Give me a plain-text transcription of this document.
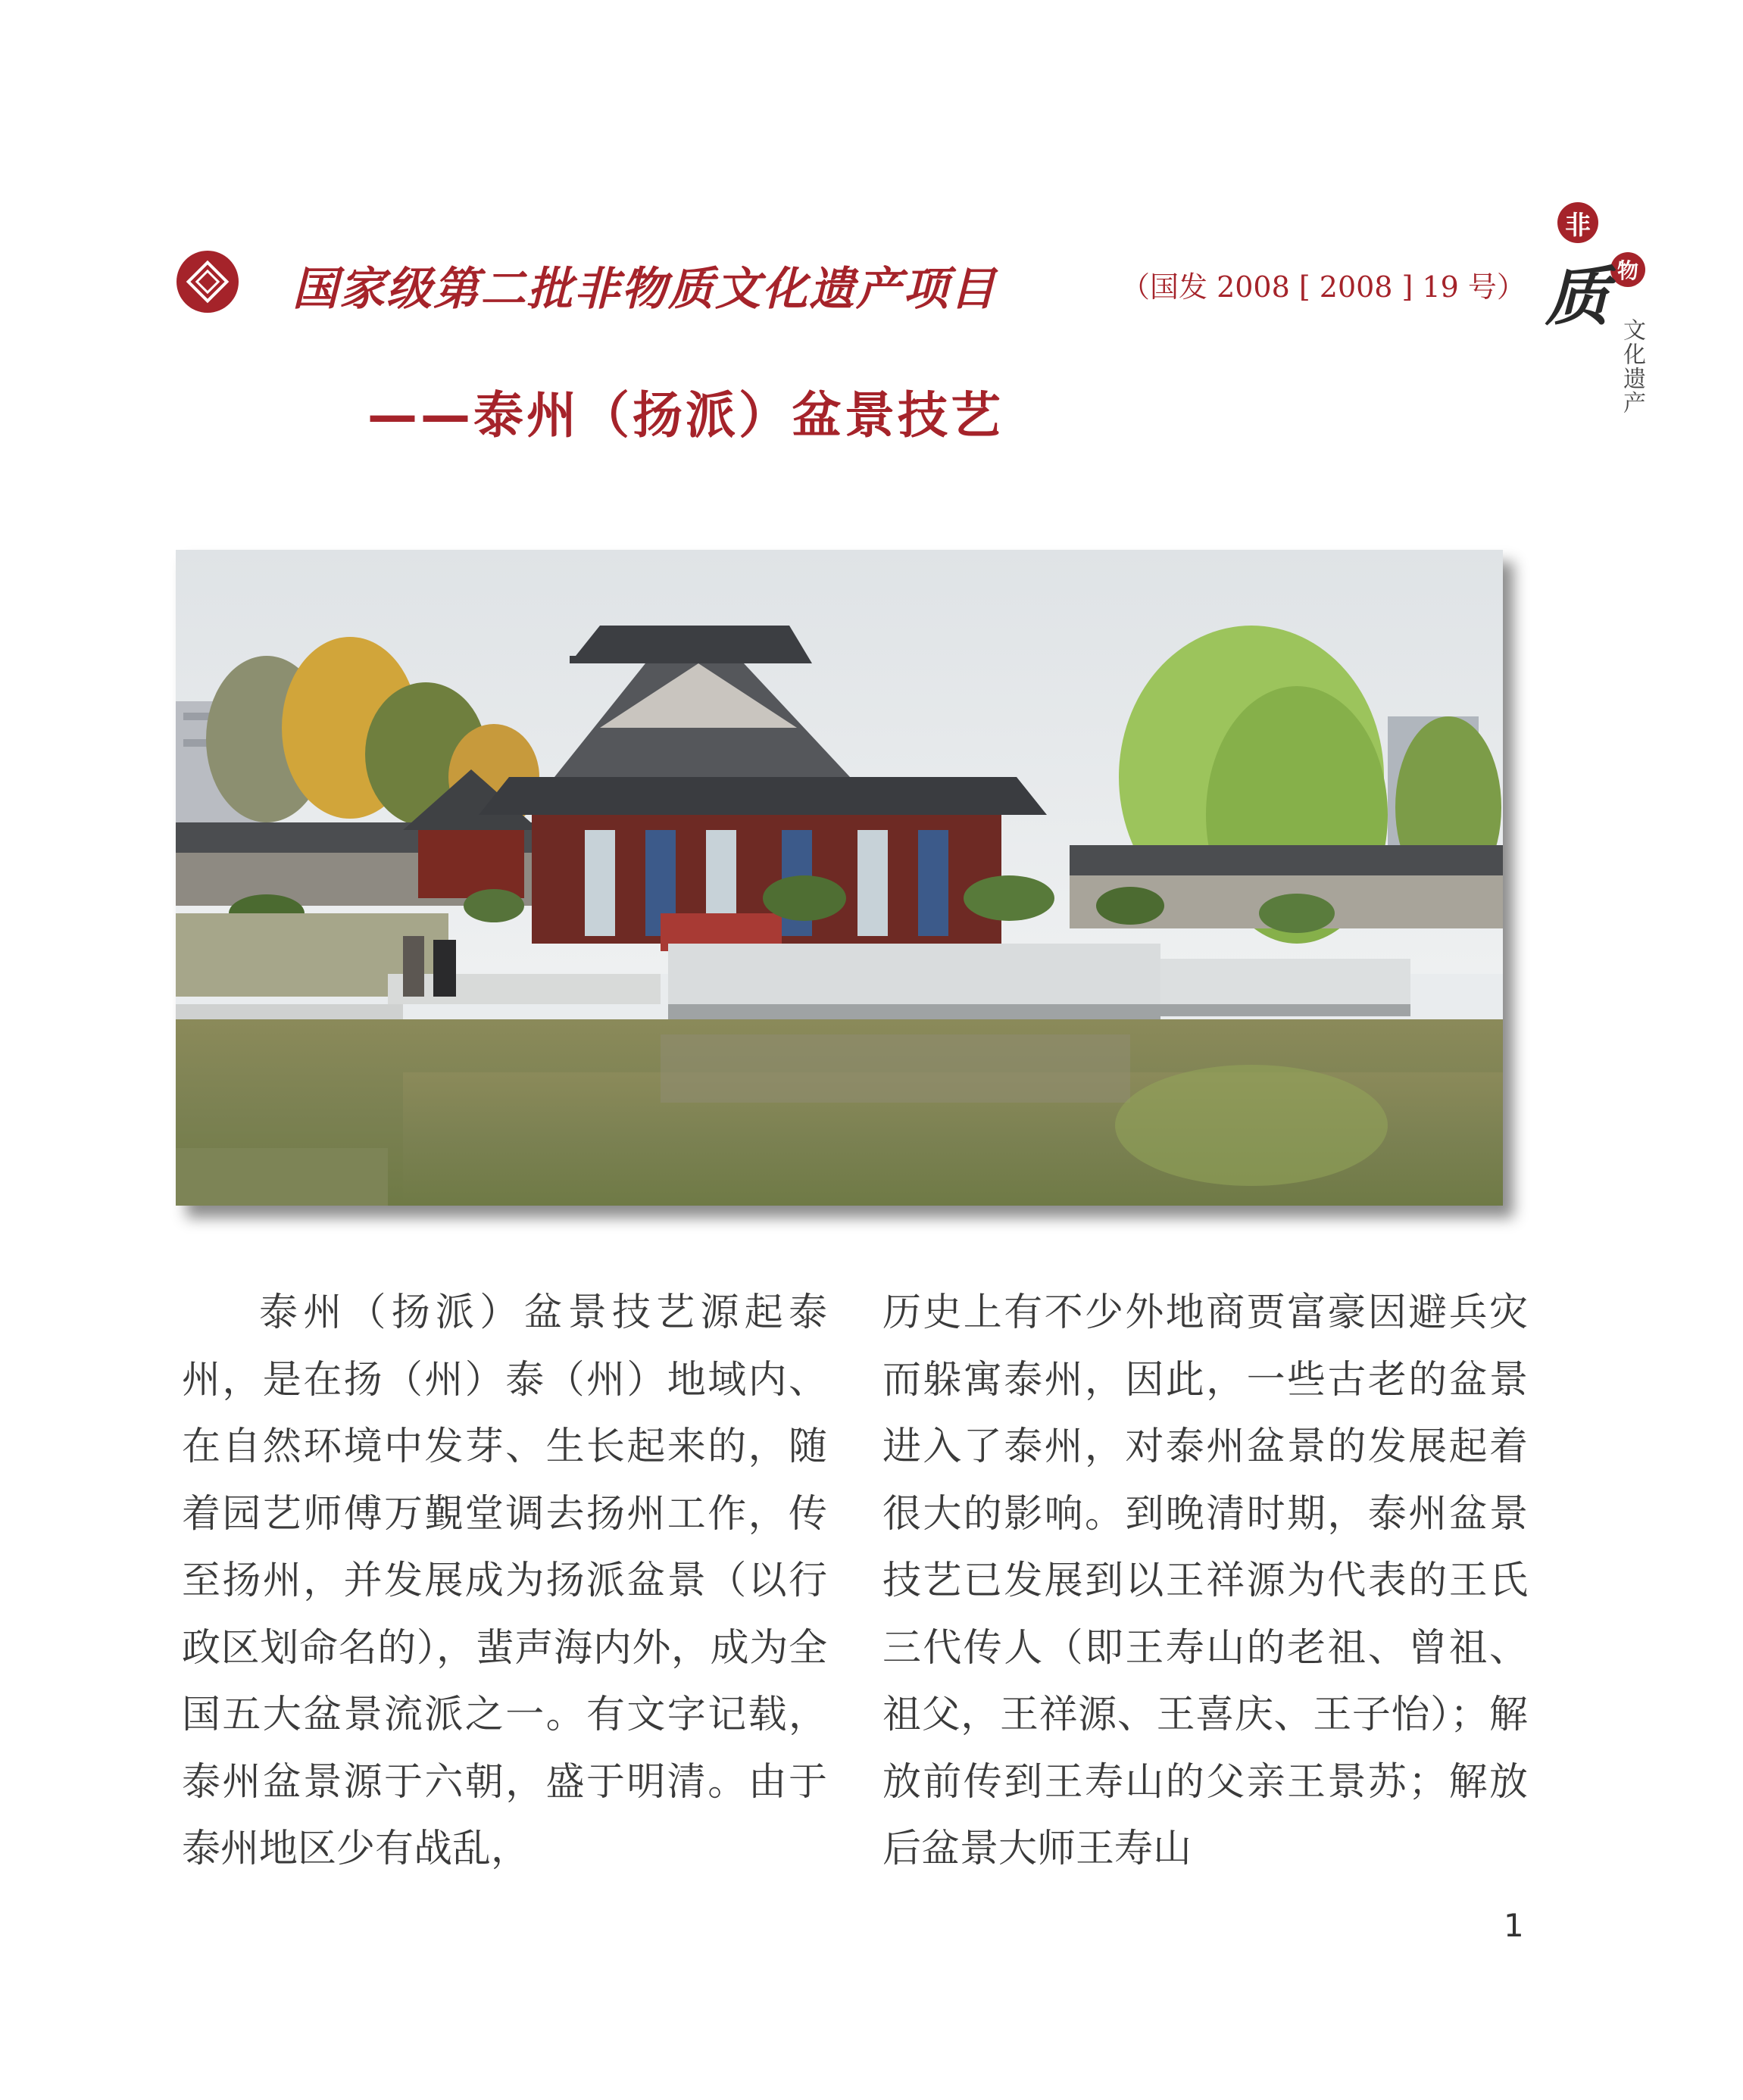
国家级第二批非物质文化遗产项目	（国发 2008 [ 2008 ] 19 号）
——泰州（扬派）盆景技艺
非
物
质
文化遗产

泰州（扬派）盆景技艺源起泰州，是在扬（州）泰（州）地域内、在自然环境中发芽、生长起来的，随着园艺师傅万覲堂调去扬州工作，传至扬州，并发展成为扬派盆景（以行政区划命名的），蜚声海内外，成为全国五大盆景流派之一。有文字记载，泰州盆景源于六朝，盛于明清。由于泰州地区少有战乱，

历史上有不少外地商贾富豪因避兵灾而躲寓泰州，因此，一些古老的盆景进入了泰州，对泰州盆景的发展起着很大的影响。到晚清时期，泰州盆景技艺已发展到以王祥源为代表的王氏三代传人（即王寿山的老祖、曾祖、祖父，王祥源、王喜庆、王子怡）；解放前传到王寿山的父亲王景苏；解放后盆景大师王寿山

1
